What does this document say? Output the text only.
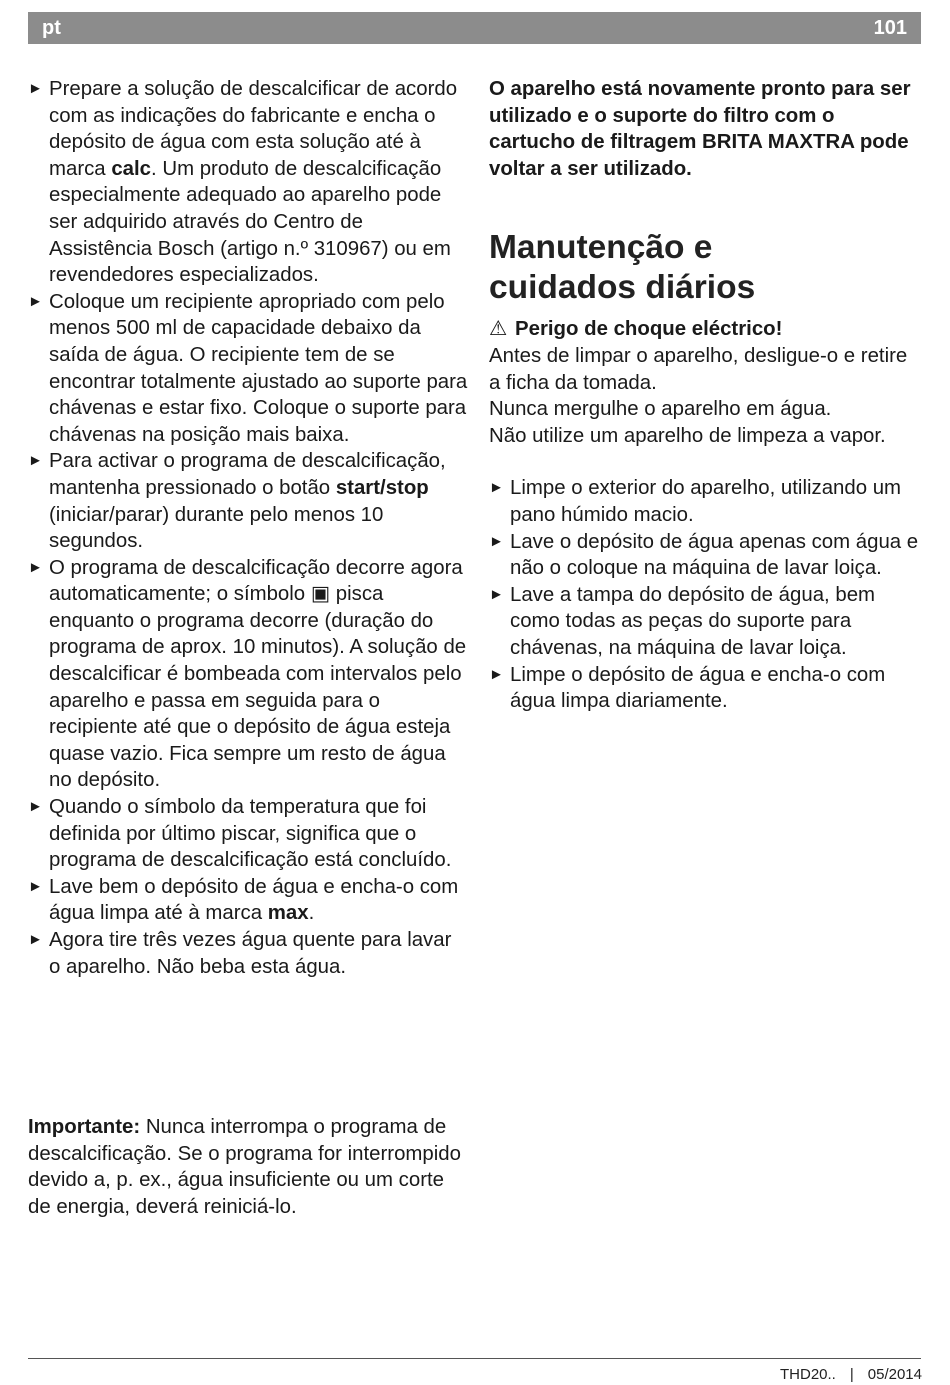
pt	101

► Prepare a solução de descalcificar de acordo com as indicações do fabricante e encha o depósito de água com esta solução até à marca calc. Um produto de descalcificação especialmente adequado ao aparelho pode ser adquirido através do Centro de Assistência Bosch (artigo n.º 310967) ou em revendedores especializados.

► Coloque um recipiente apropriado com pelo menos 500 ml de capacidade debaixo da saída de água. O recipiente tem de se encontrar totalmente ajustado ao suporte para chávenas e estar fixo. Coloque o suporte para chávenas na posição mais baixa.

► Para activar o programa de descalcificação, mantenha pressionado o botão start/stop (iniciar/parar) durante pelo menos 10 segundos.

► O programa de descalcificação decorre agora automaticamente; o símbolo ▣ pisca enquanto o programa decorre (duração do programa de aprox. 10 minutos). A solução de descalcificar é bombeada com intervalos pelo aparelho e passa em seguida para o recipiente até que o depósito de água esteja quase vazio. Fica sempre um resto de água no depósito.

► Quando o símbolo da temperatura que foi definida por último piscar, significa que o programa de descalcificação está concluído.

► Lave bem o depósito de água e encha-o com água limpa até à marca max.

► Agora tire três vezes água quente para lavar o aparelho. Não beba esta água.

Importante: Nunca interrompa o programa de descalcificação. Se o programa for interrompido devido a, p. ex., água insuficiente ou um corte de energia, deverá reiniciá-lo.

O aparelho está novamente pronto para ser utilizado e o suporte do filtro com o cartucho de filtragem BRITA MAXTRA pode voltar a ser utilizado.

Manutenção e
cuidados diários

⚠ Perigo de choque eléctrico!

Antes de limpar o aparelho, desligue-o e retire a ficha da tomada.

Nunca mergulhe o aparelho em água.

Não utilize um aparelho de limpeza a vapor.

► Limpe o exterior do aparelho, utilizando um pano húmido macio.

► Lave o depósito de água apenas com água e não o coloque na máquina de lavar loiça.

► Lave a tampa do depósito de água, bem como todas as peças do suporte para chávenas, na máquina de lavar loiça.

► Limpe o depósito de água e encha-o com água limpa diariamente.

THD20.. | 05/2014
